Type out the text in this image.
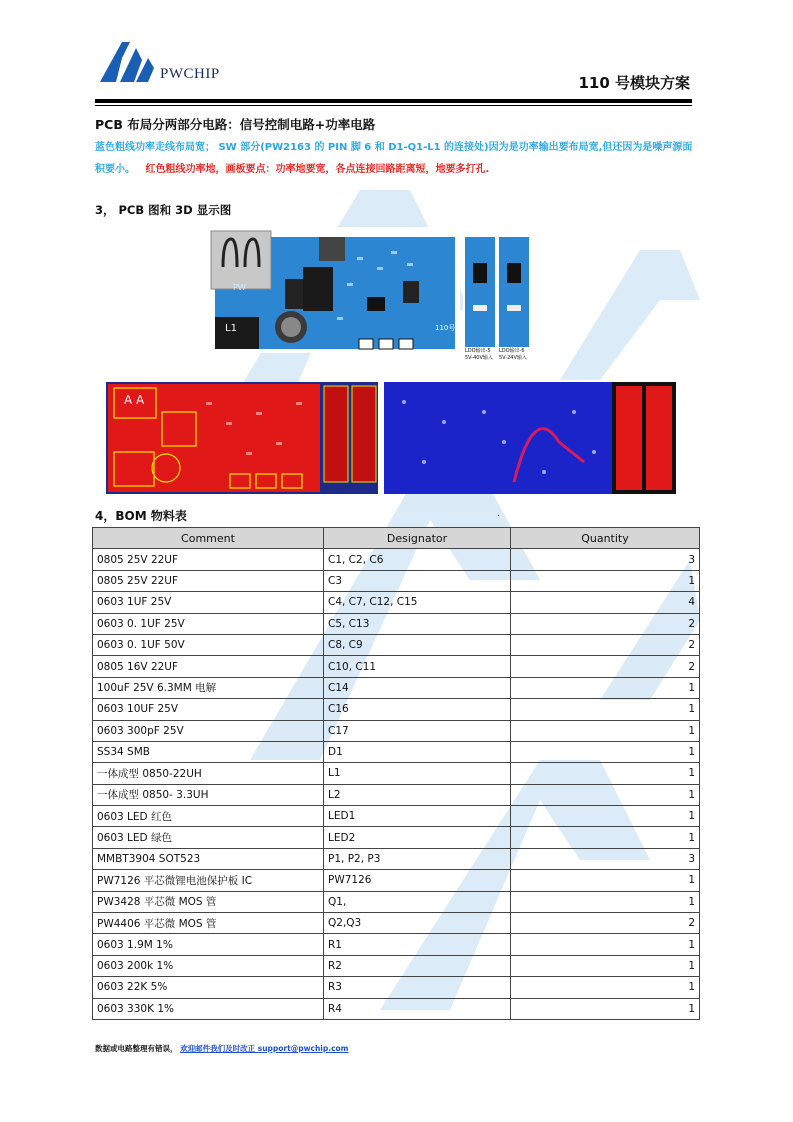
PWCHIP	110 号模块方案
PCB 布局分两部分电路：信号控制电路+功率电路
蓝色粗线功率走线布局宽； SW 部分(PW2163 的 PIN 脚 6 和 D1-Q1-L1 的连接处)因为是功率输出要布局宽,但还因为是噪声源面积要小。 红色粗线功率地，画板要点：功率地要宽，各点连接回路距离短，地要多打孔.
3， PCB 图和 3D 显示图
L1
PW
110号
LDO输出-5
5V-40V输入
LDO输出-6
5V-24V输入
A A
4，BOM 物料表	.
Comment	Designator	Quantity
0805 25V 22UF	C1, C2, C6	3
0805 25V 22UF	C3	1
0603 1UF 25V	C4, C7, C12, C15	4
0603 0. 1UF 25V	C5, C13	2
0603 0. 1UF 50V	C8, C9	2
0805 16V 22UF	C10, C11	2
100uF 25V 6.3MM 电解	C14	1
0603 10UF 25V	C16	1
0603 300pF 25V	C17	1
SS34 SMB	D1	1
一体成型 0850-22UH	L1	1
一体成型 0850- 3.3UH	L2	1
0603 LED 红色	LED1	1
0603 LED 绿色	LED2	1
MMBT3904 SOT523	P1, P2, P3	3
PW7126 平芯微锂电池保护板 IC	PW7126	1
PW3428 平芯微 MOS 管	Q1,	1
PW4406 平芯微 MOS 管	Q2,Q3	2
0603 1.9M 1%	R1	1
0603 200k 1%	R2	1
0603 22K 5%	R3	1
0603 330K 1%	R4	1
数据或电路整理有错误， 欢迎邮件我们及时改正 support@pwchip.com
